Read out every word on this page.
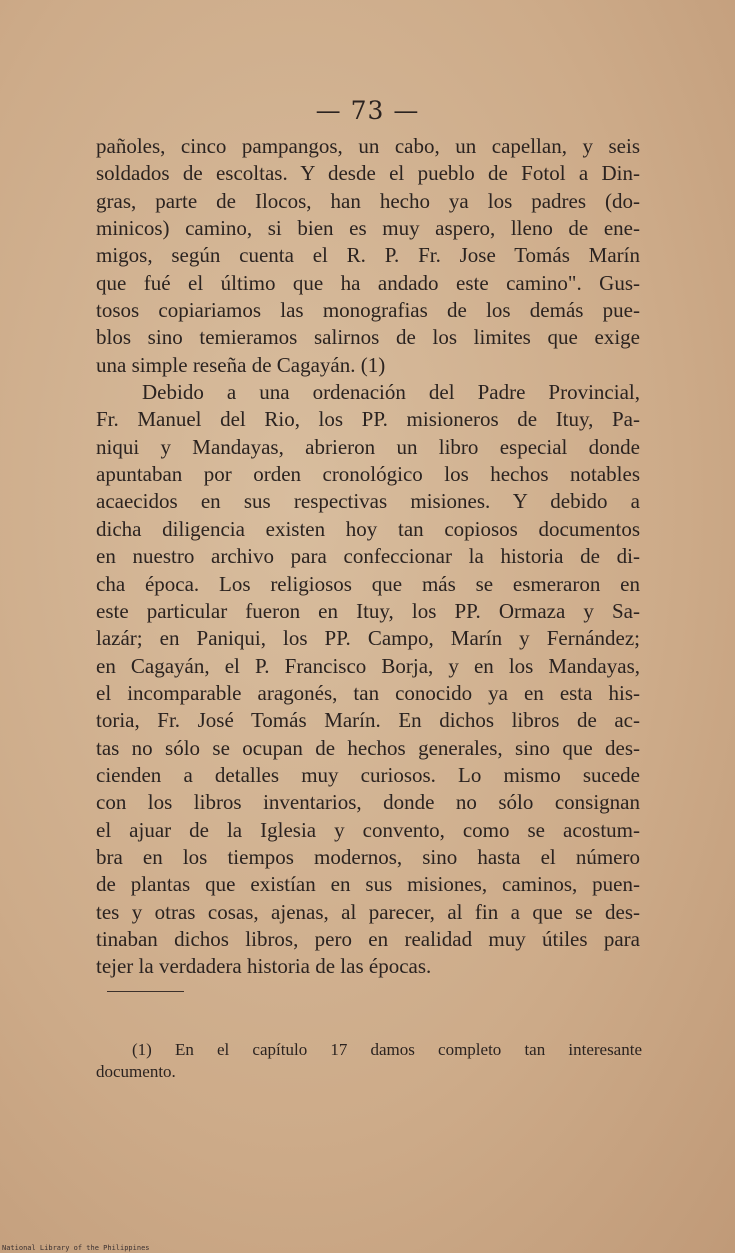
— 73 —
pañoles, cinco pampangos, un cabo, un capellan, y seis
soldados de escoltas. Y desde el pueblo de Fotol a Din-
gras, parte de Ilocos, han hecho ya los padres (do-
minicos) camino, si bien es muy aspero, lleno de ene-
migos, según cuenta el R. P. Fr. Jose Tomás Marín
que fué el último que ha andado este camino". Gus-
tosos copiariamos las monografias de los demás pue-
blos sino temieramos salirnos de los limites que exige
una simple reseña de Cagayán. (1)
Debido a una ordenación del Padre Provincial,
Fr. Manuel del Rio, los PP. misioneros de Ituy, Pa-
niqui y Mandayas, abrieron un libro especial donde
apuntaban por orden cronológico los hechos notables
acaecidos en sus respectivas misiones. Y debido a
dicha diligencia existen hoy tan copiosos documentos
en nuestro archivo para confeccionar la historia de di-
cha época. Los religiosos que más se esmeraron en
este particular fueron en Ituy, los PP. Ormaza y Sa-
lazár; en Paniqui, los PP. Campo, Marín y Fernández;
en Cagayán, el P. Francisco Borja, y en los Mandayas,
el incomparable aragonés, tan conocido ya en esta his-
toria, Fr. José Tomás Marín. En dichos libros de ac-
tas no sólo se ocupan de hechos generales, sino que des-
cienden a detalles muy curiosos. Lo mismo sucede
con los libros inventarios, donde no sólo consignan
el ajuar de la Iglesia y convento, como se acostum-
bra en los tiempos modernos, sino hasta el número
de plantas que existían en sus misiones, caminos, puen-
tes y otras cosas, ajenas, al parecer, al fin a que se des-
tinaban dichos libros, pero en realidad muy útiles para
tejer la verdadera historia de las épocas.
(1) En el capítulo 17 damos completo tan interesante
documento.
National Library of the Philippines
